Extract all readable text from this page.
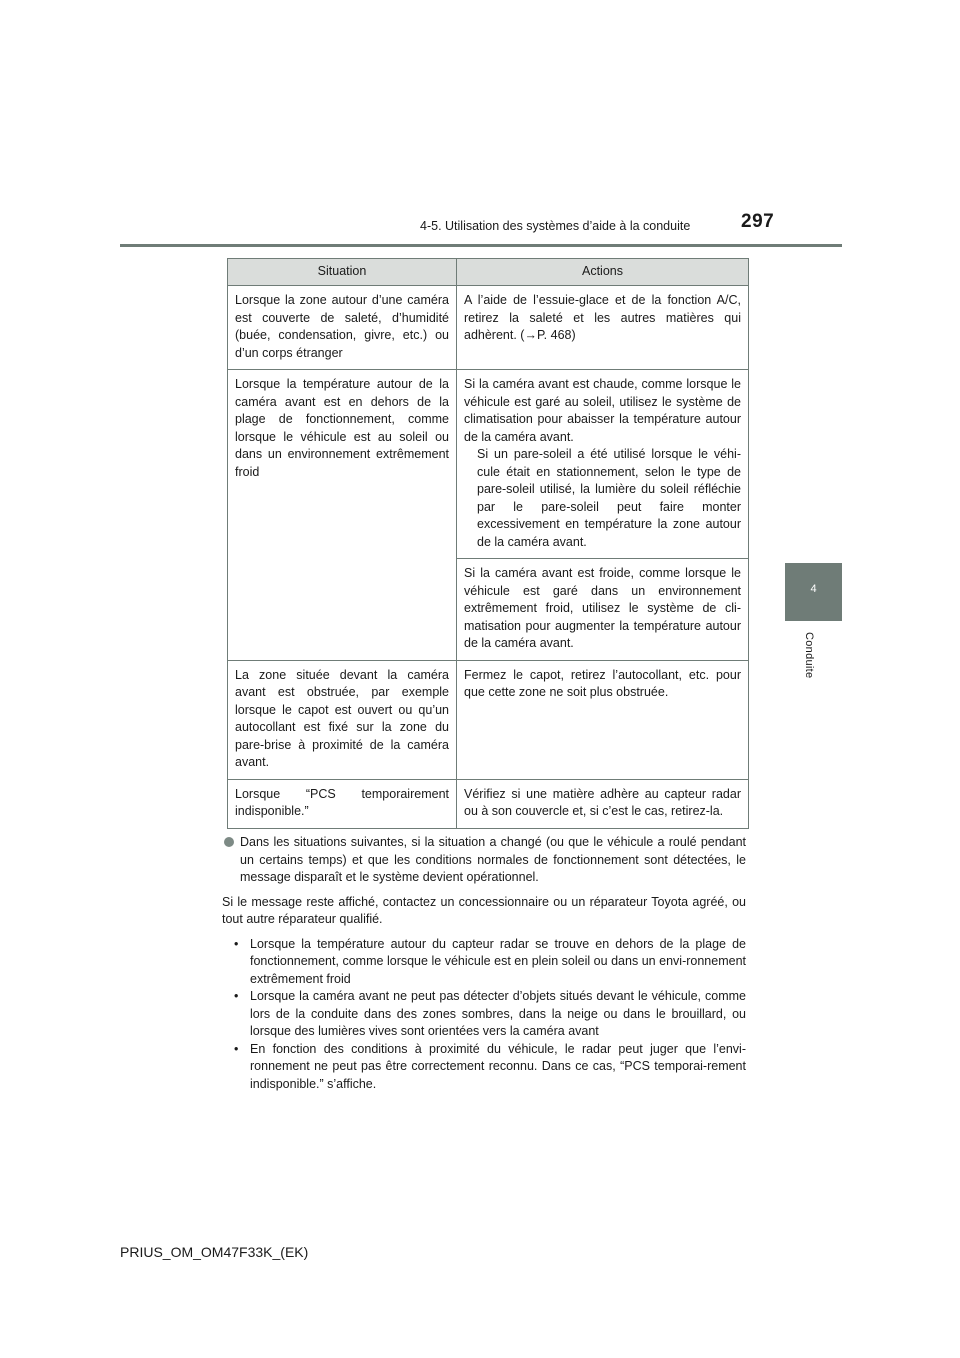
4-5. Utilisation des systèmes d’aide à la conduite	297
4
Conduite
Situation	Actions
Lorsque la zone autour d’une caméra est couverte de saleté, d’humidité (buée, condensation, givre, etc.) ou d’un corps étranger	A l’aide de l’essuie-glace et de la fonction A/C, retirez la saleté et les autres matières qui adhèrent. (→P. 468)
Lorsque la température autour de la caméra avant est en dehors de la plage de fonctionnement, comme lorsque le véhicule est au soleil ou dans un environnement extrêmement froid	Si la caméra avant est chaude, comme lorsque le véhicule est garé au soleil, utilisez le système de climatisation pour abaisser la température autour de la caméra avant.
Si un pare-soleil a été utilisé lorsque le véhi-cule était en stationnement, selon le type de pare-soleil utilisé, la lumière du soleil réfléchie par le pare-soleil peut faire monter excessivement en température la zone autour de la caméra avant.

	Si la caméra avant est froide, comme lorsque le véhicule est garé dans un environnement extrêmement froid, utilisez le système de cli-matisation pour augmenter la température autour de la caméra avant.
La zone située devant la caméra avant est obstruée, par exemple lorsque le capot est ouvert ou qu’un autocollant est fixé sur la zone du pare-brise à proximité de la caméra avant.	Fermez le capot, retirez l’autocollant, etc. pour que cette zone ne soit plus obstruée.
Lorsque “PCS temporairement indisponible.”	Vérifiez si une matière adhère au capteur radar ou à son couvercle et, si c’est le cas, retirez-la.

Dans les situations suivantes, si la situation a changé (ou que le véhicule a roulé pendant un certains temps) et que les conditions normales de fonctionnement sont détectées, le message disparaît et le système devient opérationnel.

Si le message reste affiché, contactez un concessionnaire ou un réparateur Toyota agréé, ou tout autre réparateur qualifié.

• Lorsque la température autour du capteur radar se trouve en dehors de la plage de fonctionnement, comme lorsque le véhicule est en plein soleil ou dans un envi-ronnement extrêmement froid
• Lorsque la caméra avant ne peut pas détecter d’objets situés devant le véhicule, comme lors de la conduite dans des zones sombres, dans la neige ou dans le brouillard, ou lorsque des lumières vives sont orientées vers la caméra avant
• En fonction des conditions à proximité du véhicule, le radar peut juger que l’envi-ronnement ne peut pas être correctement reconnu. Dans ce cas, “PCS temporai-rement indisponible.” s’affiche.
PRIUS_OM_OM47F33K_(EK)
